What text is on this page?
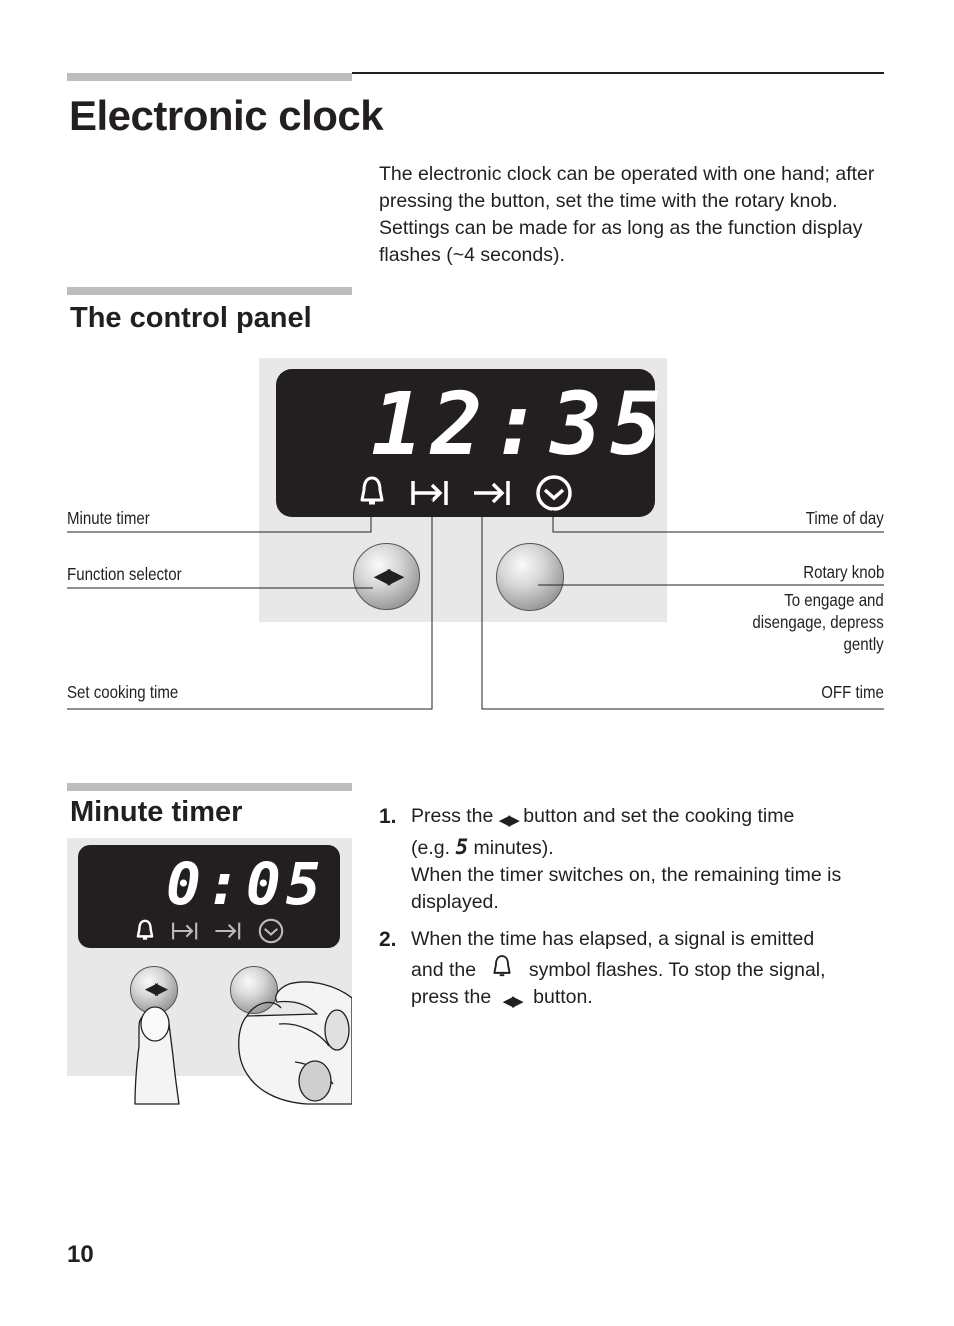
Electronic clock
The electronic clock can be operated with one hand; after pressing the button, set the time with the rotary knob. Settings can be made for as long as the function display flashes (~4 seconds).
The control panel
12:35
◀▶
Minute timer
Function selector
Set cooking time
Time of day
Rotary knob
To engage and
disengage, depress
gently
OFF time
Minute timer
0:05
◀▶
1. Press the ◀▶ button and set the cooking time
(e.g. 5 minutes).
When the timer switches on, the remaining time is displayed.
2. When the time has elapsed, a signal is emitted
and the	symbol flashes. To stop the signal,
press the ◀▶ button.
10
